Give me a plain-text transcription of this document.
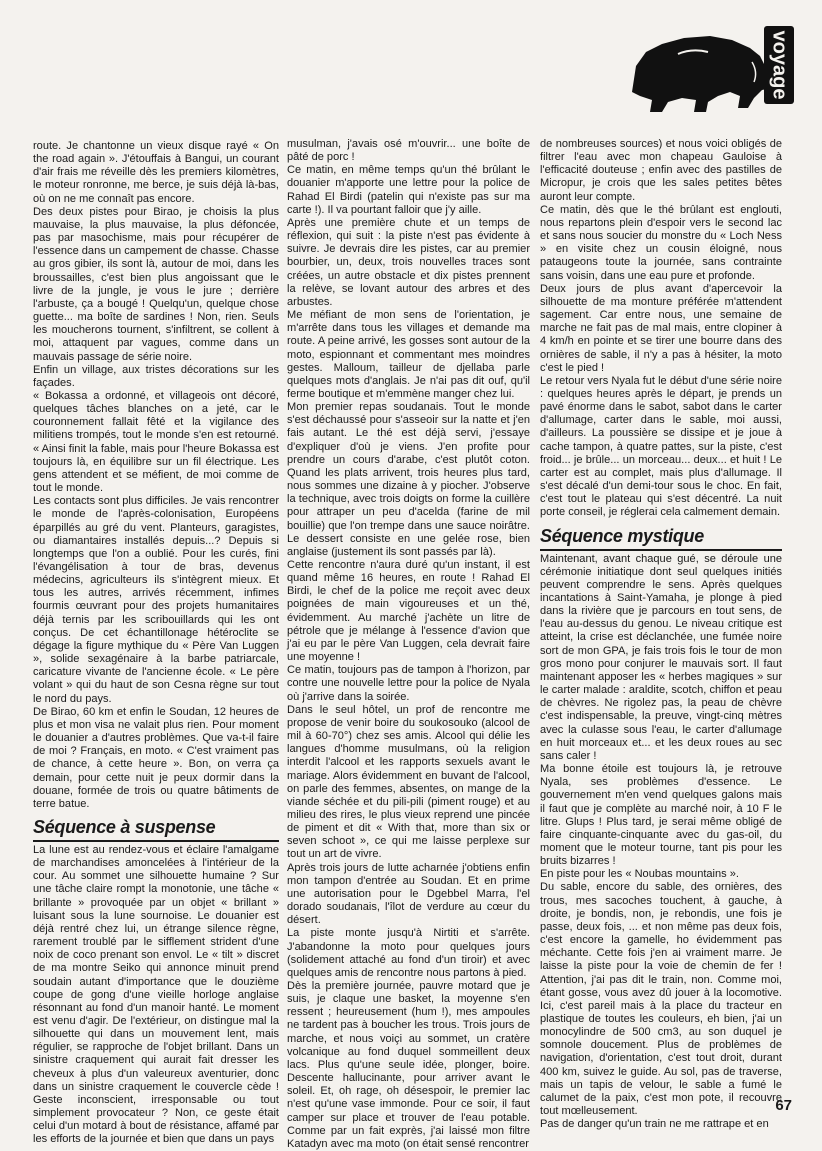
voyage

route. Je chantonne un vieux disque rayé « On the road again ». J'étouffais à Bangui, un courant d'air frais me réveille dès les premiers kilomètres, le moteur ronronne, me berce, je suis déjà là-bas, où on ne me connaît pas encore.

Des deux pistes pour Birao, je choisis la plus mauvaise, la plus mauvaise, la plus défoncée, pas par masochisme, mais pour récupérer de l'essence dans un campement de chasse. Chasse au gros gibier, ils sont là, autour de moi, dans les broussailles, c'est bien plus angoissant que le livre de la jungle, je vous le jure ; derrière l'arbuste, ça a bougé ! Quelqu'un, quelque chose guette... ma boîte de sardines ! Non, rien. Seuls les moucherons tournent, s'infiltrent, se collent à moi, attaquent par vagues, comme dans un mauvais passage de série noire.

Enfin un village, aux tristes décorations sur les façades.

« Bokassa a ordonné, et villageois ont décoré, quelques tâches blanches on a jeté, car le couronnement fallait fêté et la vigilance des militiens trompés, tout le monde s'en est retourné. « Ainsi finit la fable, mais pour l'heure Bokassa est toujours là, en équilibre sur un fil électrique. Les gens attendent et se méfient, de moi comme de tout le monde.

Les contacts sont plus difficiles. Je vais rencontrer le monde de l'après-colonisation, Européens éparpillés au gré du vent. Planteurs, garagistes, ou diamantaires installés depuis...? Depuis si longtemps que l'on a oublié. Pour les curés, fini l'évangélisation à tour de bras, devenus médecins, agriculteurs ils s'intègrent mieux. Et tous les autres, arrivés récemment, infimes fourmis œuvrant pour des projets humanitaires déjà ternis par les scribouillards qui les ont conçus. De cet échantillonage hétéroclite se dégage la figure mythique du « Père Van Luggen », solide sexagénaire à la barbe patriarcale, caricature vivante de l'ancienne école. « Le père volant » qui du haut de son Cesna règne sur tout le nord du pays.

De Birao, 60 km et enfin le Soudan, 12 heures de plus et mon visa ne valait plus rien. Pour moment le douanier a d'autres problèmes. Que va-t-il faire de moi ? Français, en moto. « C'est vraiment pas de chance, à cette heure ». Bon, on verra ça demain, pour cette nuit je peux dormir dans la douane, formée de trois ou quatre bâtiments de terre batue.

Séquence à suspense

La lune est au rendez-vous et éclaire l'amalgame de marchandises amoncelées à l'intérieur de la cour. Au sommet une silhouette humaine ? Sur une tâche claire rompt la monotonie, une tâche « brillante » provoquée par un objet « brillant » luisant sous la lune sournoise. Le douanier est déjà rentré chez lui, un étrange silence règne, rarement troublé par le sifflement strident d'une noix de coco prenant son envol. Le « tilt » discret de ma montre Seiko qui annonce minuit prend soudain autant d'importance que le douzième coupe de gong d'une vieille horloge anglaise résonnant au fond d'un manoir hanté. Le moment est venu d'agir. De l'extérieur, on distingue mal la silhouette qui dans un mouvement lent, mais régulier, se rapproche de l'objet brillant. Dans un sinistre craquement qui aurait fait dresser les cheveux à plus d'un valeureux aventurier, donc dans un sinistre craquement le couvercle cède ! Geste inconscient, irresponsable ou tout simplement provocateur ? Non, ce geste était celui d'un motard à bout de résistance, affamé par les efforts de la journée et bien que dans un pays

musulman, j'avais osé m'ouvrir... une boîte de pâté de porc !

Ce matin, en même temps qu'un thé brûlant le douanier m'apporte une lettre pour la police de Rahad El Birdi (patelin qui n'existe pas sur ma carte !). Il va pourtant falloir que j'y aille.

Après une première chute et un temps de réflexion, qui suit : la piste n'est pas évidente à suivre. Je devrais dire les pistes, car au premier bourbier, un, deux, trois nouvelles traces sont créées, un autre obstacle et dix pistes prennent la relève, se lovant autour des arbres et des arbustes.

Me méfiant de mon sens de l'orientation, je m'arrête dans tous les villages et demande ma route. A peine arrivé, les gosses sont autour de la moto, espionnant et commentant mes moindres gestes. Malloum, tailleur de djellaba parle quelques mots d'anglais. Je n'ai pas dit ouf, qu'il ferme boutique et m'emmène manger chez lui.

Mon premier repas soudanais. Tout le monde s'est déchaussé pour s'asseoir sur la natte et j'en fais autant. Le thé est déjà servi, j'essaye d'expliquer d'où je viens. J'en profite pour prendre un cours d'arabe, c'est plutôt coton. Quand les plats arrivent, trois heures plus tard, nous sommes une dizaine à y piocher. J'observe la technique, avec trois doigts on forme la cuillère pour attraper un peu d'acelda (farine de mil bouillie) que l'on trempe dans une sauce noirâtre. Le dessert consiste en une gelée rose, bien anglaise (justement ils sont passés par là).

Cette rencontre n'aura duré qu'un instant, il est quand même 16 heures, en route ! Rahad El Birdi, le chef de la police me reçoit avec deux poignées de main vigoureuses et un thé, évidemment. Au marché j'achète un litre de pétrole que je mélange à l'essence d'avion que j'ai eu par le père Van Luggen, cela devrait faire une moyenne !

Ce matin, toujours pas de tampon à l'horizon, par contre une nouvelle lettre pour la police de Nyala où j'arrive dans la soirée.

Dans le seul hôtel, un prof de rencontre me propose de venir boire du soukosouko (alcool de mil à 60-70°) chez ses amis. Alcool qui délie les langues d'homme musulmans, où la religion interdit l'alcool et les rapports sexuels avant le mariage. Alors évidemment en buvant de l'alcool, on parle des femmes, absentes, on mange de la viande séchée et du pili-pili (piment rouge) et au milieu des rires, le plus vieux reprend une pincée de piment et dit « With that, more than six or seven schoot », ce qui me laisse perplexe sur tout un art de vivre.

Après trois jours de lutte acharnée j'obtiens enfin mon tampon d'entrée au Soudan. Et en prime une autorisation pour le Dgebbel Marra, l'el dorado soudanais, l'îlot de verdure au cœur du désert.

La piste monte jusqu'à Nirtiti et s'arrête. J'abandonne la moto pour quelques jours (solidement attaché au fond d'un tiroir) et avec quelques amis de rencontre nous partons à pied.

Dès la première journée, pauvre motard que je suis, je claque une basket, la moyenne s'en ressent ; heureusement (hum !), mes ampoules ne tardent pas à boucher les trous. Trois jours de marche, et nous voiçi au sommet, un cratère volcanique au fond duquel sommeillent deux lacs. Plus qu'une seule idée, plonger, boire. Descente hallucinante, pour arriver avant le soleil. Et, oh rage, oh désespoir, le premier lac n'est qu'une vase immonde. Pour ce soir, il faut camper sur place et trouver de l'eau potable. Comme par un fait exprès, j'ai laissé mon filtre Katadyn avec ma moto (on était sensé rencontrer

de nombreuses sources) et nous voici obligés de filtrer l'eau avec mon chapeau Gauloise à l'efficacité douteuse ; enfin avec des pastilles de Micropur, je crois que les sales petites bêtes auront leur compte.

Ce matin, dès que le thé brûlant est englouti, nous repartons plein d'espoir vers le second lac et sans nous soucier du monstre du « Loch Ness » en visite chez un cousin éloigné, nous pataugeons toute la journée, sans contrainte sans voisin, dans une eau pure et profonde.

Deux jours de plus avant d'apercevoir la silhouette de ma monture préférée m'attendent sagement. Car entre nous, une semaine de marche ne fait pas de mal mais, entre clopiner à 4 km/h en pointe et se tirer une bourre dans des ornières de sable, il n'y a pas à hésiter, la moto c'est le pied !

Le retour vers Nyala fut le début d'une série noire : quelques heures après le départ, je prends un pavé énorme dans le sabot, sabot dans le carter d'allumage, carter dans le sable, moi aussi, d'ailleurs. La poussière se dissipe et je joue à cache tampon, à quatre pattes, sur la piste, c'est froid... je brûle... un morceau... deux... et huit ! Le carter est au complet, mais plus d'allumage. Il s'est décalé d'un demi-tour sous le choc. En fait, c'est tout le plateau qui s'est décentré. La nuit porte conseil, je réglerai cela calmement demain.

Séquence mystique

Maintenant, avant chaque gué, se déroule une cérémonie initiatique dont seul quelques initiés peuvent comprendre le sens. Après quelques incantations à Saint-Yamaha, je plonge à pied dans la rivière que je parcours en tout sens, de l'eau au-dessus du genou. Le niveau critique est atteint, la crise est déclanchée, une fumée noire sort de mon GPA, je fais trois fois le tour de mon gros mono pour conjurer le mauvais sort. Il faut maintenant apposer les « herbes magiques » sur le carter malade : araldite, scotch, chiffon et peau de chèvres. Ne rigolez pas, la peau de chèvre c'est indispensable, la preuve, vingt-cinq mètres avec la culasse sous l'eau, le carter d'allumage en huit morceaux et... et les deux roues au sec sans caler !

Ma bonne étoile est toujours là, je retrouve Nyala, ses problèmes d'essence. Le gouvernement m'en vend quelques galons mais il faut que je complète au marché noir, à 10 F le litre. Glups ! Plus tard, je serai même obligé de faire cinquante-cinquante avec du gas-oil, du moment que le moteur tourne, tant pis pour les bruits bizarres !

En piste pour les « Noubas mountains ».

Du sable, encore du sable, des ornières, des trous, mes sacoches touchent, à gauche, à droite, je bondis, non, je rebondis, une fois je passe, deux fois, ... et non même pas deux fois, c'est encore la gamelle, ho évidemment pas méchante. Cette fois j'en ai vraiment marre. Je laisse la piste pour la voie de chemin de fer ! Attention, j'ai pas dit le train, non. Comme moi, étant gosse, vous avez dû jouer à la locomotive. Ici, c'est pareil mais à la place du tracteur en plastique de toutes les couleurs, eh bien, j'ai un monocylindre de 500 cm3, au son duquel je somnole doucement. Plus de problèmes de navigation, d'orientation, c'est tout droit, durant 400 km, suivez le guide. Au sol, pas de traverse, mais un tapis de velour, le sable a fumé le calumet de la paix, c'est mon pote, il recouvre tout mœlleusement.

Pas de danger qu'un train ne me rattrape et en

67
